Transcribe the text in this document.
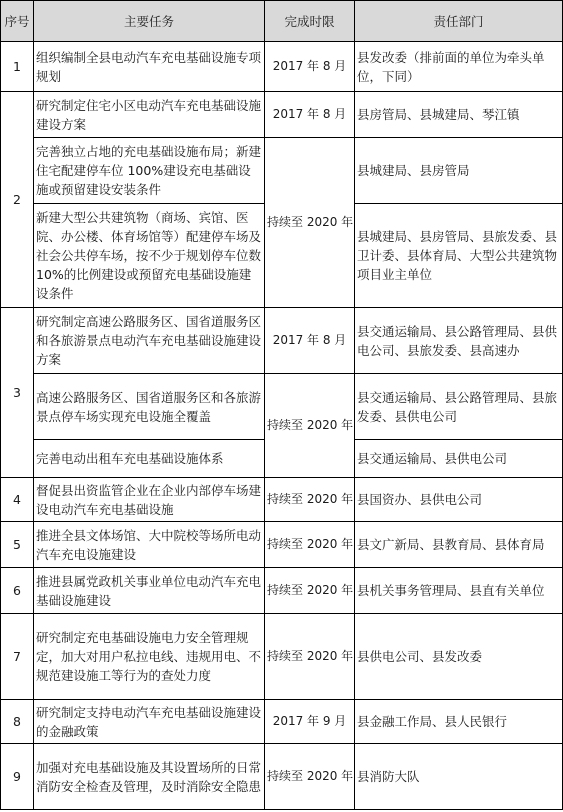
序号	主要任务	完成时限	责任部门
1	组织编制全县电动汽车充电基础设施专项规划	2017 年 8 月	县发改委（排前面的单位为牵头单位，下同）
2	研究制定住宅小区电动汽车充电基础设施建设方案	2017 年 8 月	县房管局、县城建局、琴江镇
	完善独立占地的充电基础设施布局；新建住宅配建停车位 100%建设充电基础设施或预留建设安装条件	持续至 2020 年	县城建局、县房管局
	新建大型公共建筑物（商场、宾馆、医院、办公楼、体育场馆等）配建停车场及社会公共停车场，按不少于规划停车位数 10%的比例建设或预留充电基础设施建设条件		县城建局、县房管局、县旅发委、县卫计委、县体育局、大型公共建筑物项目业主单位
3	研究制定高速公路服务区、国省道服务区和各旅游景点电动汽车充电基础设施建设方案	2017 年 8 月	县交通运输局、县公路管理局、县供电公司、县旅发委、县高速办
	高速公路服务区、国省道服务区和各旅游景点停车场实现充电设施全覆盖	持续至 2020 年	县交通运输局、县公路管理局、县旅发委、县供电公司
	完善电动出租车充电基础设施体系		县交通运输局、县供电公司
4	督促县出资监管企业在企业内部停车场建设电动汽车充电基础设施	持续至 2020 年	县国资办、县供电公司
5	推进全县文体场馆、大中院校等场所电动汽车充电设施建设	持续至 2020 年	县文广新局、县教育局、县体育局
6	推进县属党政机关事业单位电动汽车充电基础设施建设	持续至 2020 年	县机关事务管理局、县直有关单位
7	研究制定充电基础设施电力安全管理规定，加大对用户私拉电线、违规用电、不规范建设施工等行为的查处力度	持续至 2020 年	县供电公司、县发改委
8	研究制定支持电动汽车充电基础设施建设的金融政策	2017 年 9 月	县金融工作局、县人民银行
9	加强对充电基础设施及其设置场所的日常消防安全检查及管理，及时消除安全隐患	持续至 2020 年	县消防大队
